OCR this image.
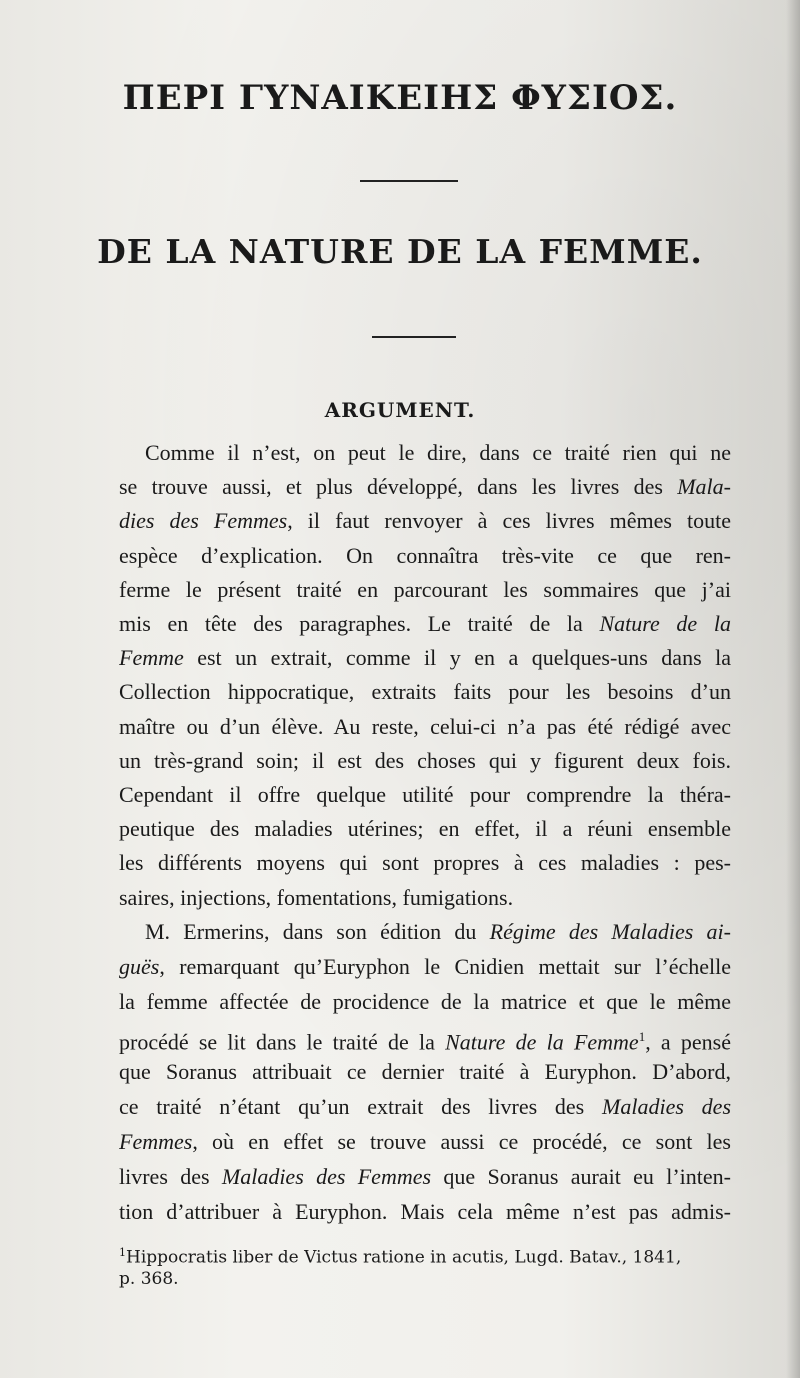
ΠΕΡΙ ΓΥΝΑΙΚΕΙΗΣ ΦΥΣΙΟΣ.
DE LA NATURE DE LA FEMME.
ARGUMENT.
Comme il n’est, on peut le dire, dans ce traité rien qui ne
se trouve aussi, et plus développé, dans les livres des Mala-
dies des Femmes, il faut renvoyer à ces livres mêmes toute
espèce d’explication. On connaîtra très-vite ce que ren-
ferme le présent traité en parcourant les sommaires que j’ai
mis en tête des paragraphes. Le traité de la Nature de la
Femme est un extrait, comme il y en a quelques-uns dans la
Collection hippocratique, extraits faits pour les besoins d’un
maître ou d’un élève. Au reste, celui-ci n’a pas été rédigé avec
un très-grand soin; il est des choses qui y figurent deux fois.
Cependant il offre quelque utilité pour comprendre la théra-
peutique des maladies utérines; en effet, il a réuni ensemble
les différents moyens qui sont propres à ces maladies : pes-
saires, injections, fomentations, fumigations.
M. Ermerins, dans son édition du Régime des Maladies ai-
guës, remarquant qu’Euryphon le Cnidien mettait sur l’échelle
la femme affectée de procidence de la matrice et que le même
procédé se lit dans le traité de la Nature de la Femme$^1$, a pensé
que Soranus attribuait ce dernier traité à Euryphon. D’abord,
ce traité n’étant qu’un extrait des livres des Maladies des
Femmes, où en effet se trouve aussi ce procédé, ce sont les
$^1$Hippocratis liber de Victus ratione in acutis, Lugd. Batav., 1841,
p. 368.
livres des Maladies des Femmes que Soranus aurait eu l’inten-
tion d’attribuer à Euryphon. Mais cela même n’est pas admis-
